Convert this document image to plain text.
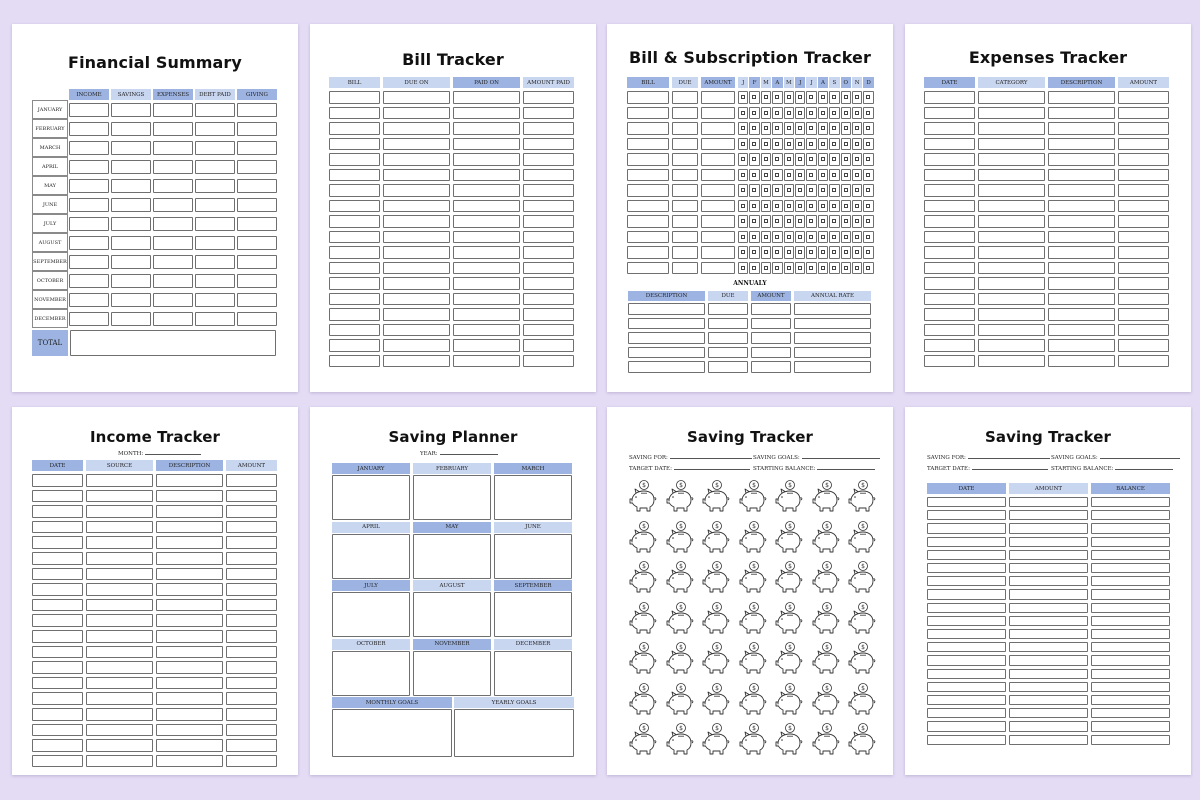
Financial Summary
INCOME	SAVINGS	EXPENSES	DEBT PAID	GIVING
JANUARY
FEBRUARY
MARCH
APRIL
MAY
JUNE
JULY
AUGUST
SEPTEMBER
OCTOBER
NOVEMBER
DECEMBER
TOTAL
Bill Tracker
BILL	DUE ON	PAID ON	AMOUNT PAID
Bill & Subscription Tracker
ANNUALY
BILL	DUE	AMOUNT	J	F	M	A	M	J	J	A	S	O	N	D
DESCRIPTION	DUE	AMOUNT	ANNUAL RATE
Expenses Tracker
DATE	CATEGORY	DESCRIPTION	AMOUNT
Income Tracker
MONTH:
DATE	SOURCE	DESCRIPTION	AMOUNT
Saving Planner
YEAR:
JANUARY	FEBRUARY	MARCH
APRIL	MAY	JUNE
JULY	AUGUST	SEPTEMBER
OCTOBER	NOVEMBER	DECEMBER
MONTHLY GOALS	YEARLY GOALS
Saving Tracker
SAVING FOR:	SAVING GOALS:
TARGET DATE:	STARTING BALANCE:
$	$	$	$	$	$	$
$	$	$	$	$	$	$
$	$	$	$	$	$	$
$	$	$	$	$	$	$
$	$	$	$	$	$	$
$	$	$	$	$	$	$
$	$	$	$	$	$	$
Saving Tracker
SAVING FOR:	SAVING GOALS:
TARGET DATE:	STARTING BALANCE:
DATE	AMOUNT	BALANCE
